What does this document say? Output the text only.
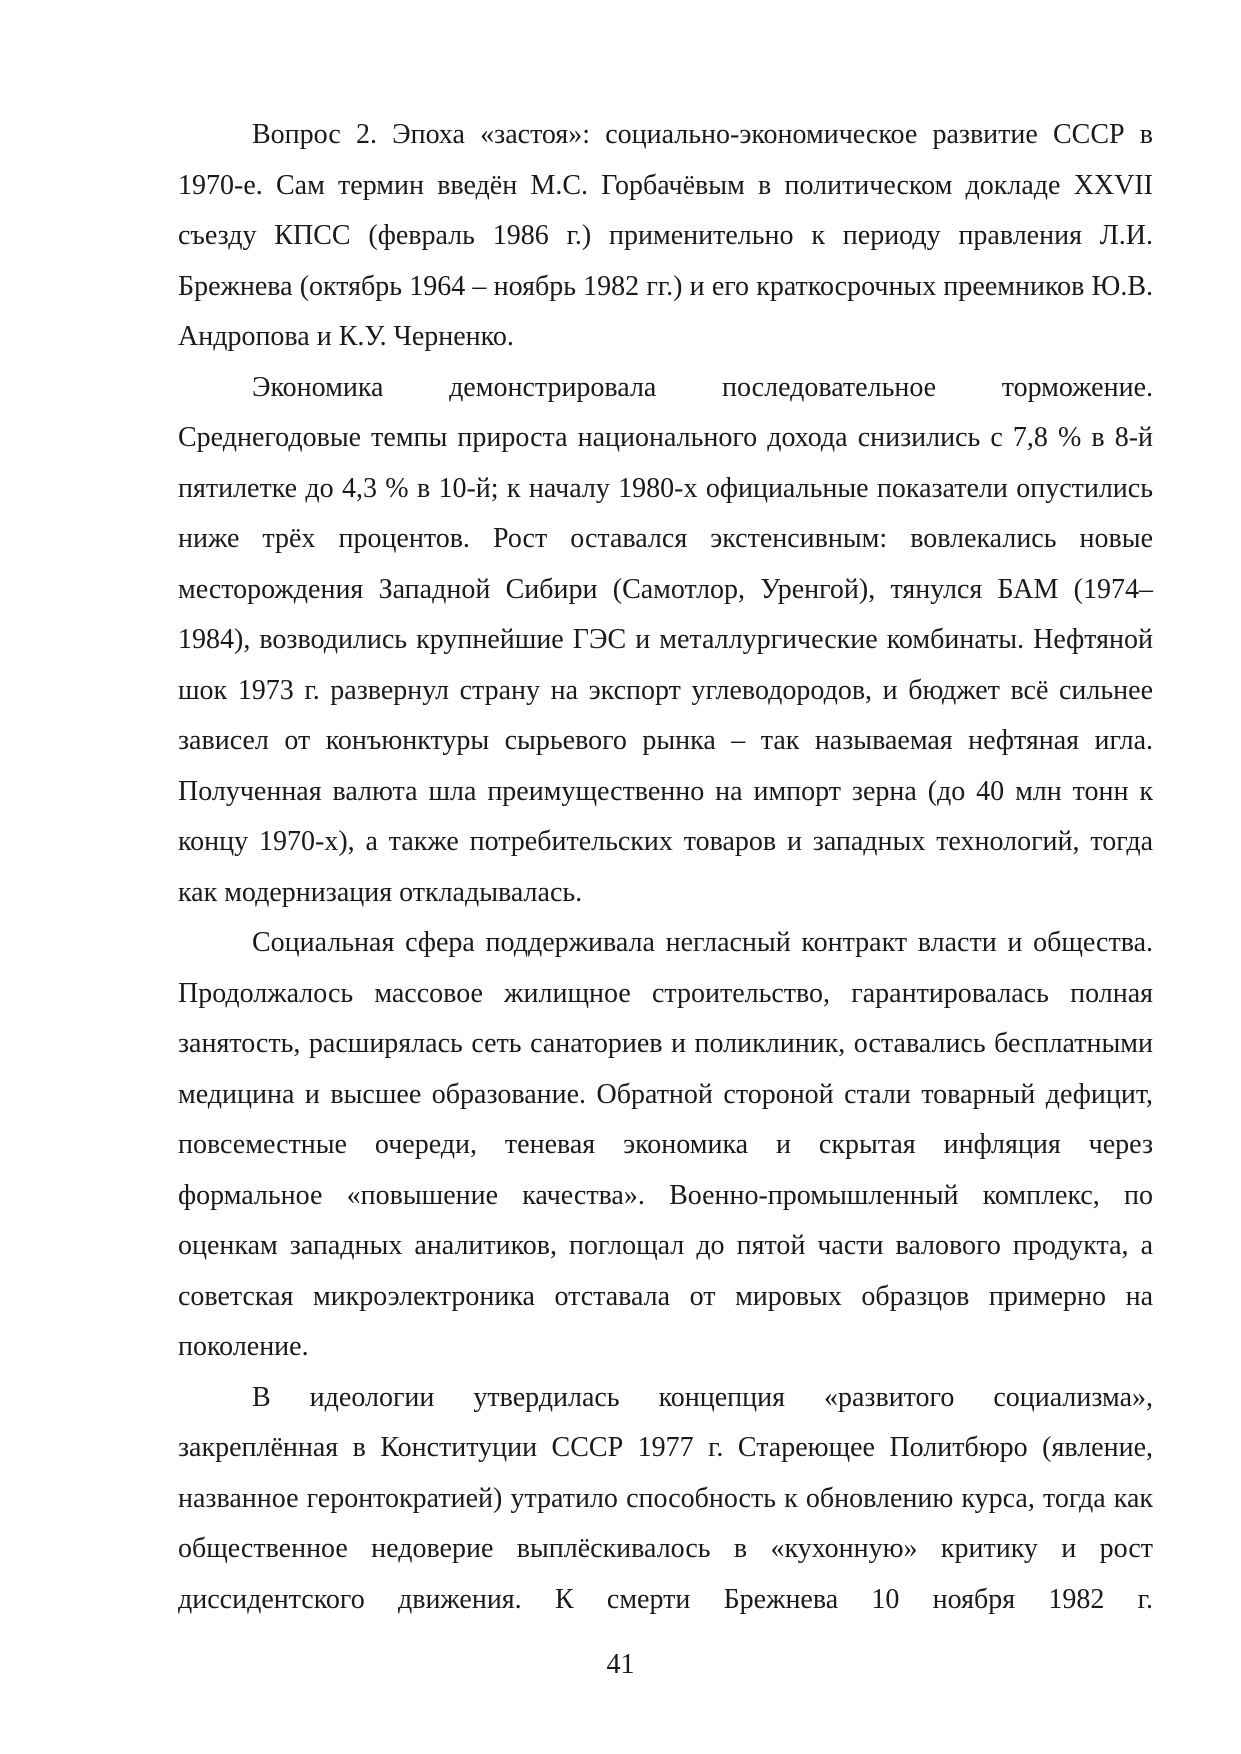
Вопрос 2. Эпоха «застоя»: социально-экономическое развитие СССР в 1970-е. Сам термин введён М.С. Горбачёвым в политическом докладе XXVII съезду КПСС (февраль 1986 г.) применительно к периоду правления Л.И. Брежнева (октябрь 1964 – ноябрь 1982 гг.) и его краткосрочных преемников Ю.В. Андропова и К.У. Черненко.

Экономика демонстрировала последовательное торможение. Среднегодовые темпы прироста национального дохода снизились с 7,8 % в 8-й пятилетке до 4,3 % в 10-й; к началу 1980-х официальные показатели опустились ниже трёх процентов. Рост оставался экстенсивным: вовлекались новые месторождения Западной Сибири (Самотлор, Уренгой), тянулся БАМ (1974–1984), возводились крупнейшие ГЭС и металлургические комбинаты. Нефтяной шок 1973 г. развернул страну на экспорт углеводородов, и бюджет всё сильнее зависел от конъюнктуры сырьевого рынка – так называемая нефтяная игла. Полученная валюта шла преимущественно на импорт зерна (до 40 млн тонн к концу 1970-х), а также потребительских товаров и западных технологий, тогда как модернизация откладывалась.

Социальная сфера поддерживала негласный контракт власти и общества. Продолжалось массовое жилищное строительство, гарантировалась полная занятость, расширялась сеть санаториев и поликлиник, оставались бесплатными медицина и высшее образование. Обратной стороной стали товарный дефицит, повсеместные очереди, теневая экономика и скрытая инфляция через формальное «повышение качества». Военно-промышленный комплекс, по оценкам западных аналитиков, поглощал до пятой части валового продукта, а советская микроэлектроника отставала от мировых образцов примерно на поколение.

В идеологии утвердилась концепция «развитого социализма», закреплённая в Конституции СССР 1977 г. Стареющее Политбюро (явление, названное геронтократией) утратило способность к обновлению курса, тогда как общественное недоверие выплёскивалось в «кухонную» критику и рост диссидентского движения. К смерти Брежнева 10 ноября 1982 г.

41
